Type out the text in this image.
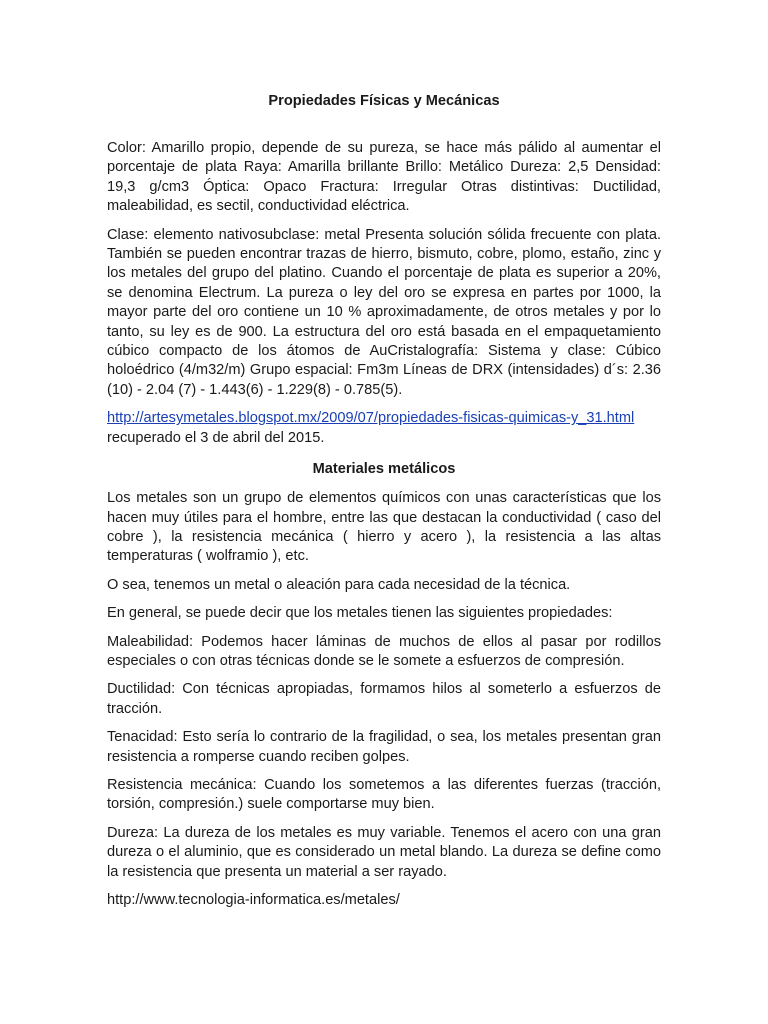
Propiedades Físicas y Mecánicas

Color: Amarillo propio, depende de su pureza, se hace más pálido al aumentar el porcentaje de plata Raya: Amarilla brillante Brillo: Metálico Dureza: 2,5 Densidad: 19,3 g/cm3 Óptica: Opaco Fractura: Irregular Otras distintivas: Ductilidad, maleabilidad, es sectil, conductividad eléctrica.

Clase: elemento nativosubclase: metal Presenta solución sólida frecuente con plata. También se pueden encontrar trazas de hierro, bismuto, cobre, plomo, estaño, zinc y los metales del grupo del platino. Cuando el porcentaje de plata es superior a 20%, se denomina Electrum. La pureza o ley del oro se expresa en partes por 1000, la mayor parte del oro contiene un 10 % aproximadamente, de otros metales y por lo tanto, su ley es de 900. La estructura del oro está basada en el empaquetamiento cúbico compacto de los átomos de AuCristalografía: Sistema y clase: Cúbico holoédrico (4/m32/m) Grupo espacial: Fm3m Líneas de DRX (intensidades) d´s: 2.36 (10) - 2.04 (7) - 1.443(6) - 1.229(8) - 0.785(5).

http://artesymetales.blogspot.mx/2009/07/propiedades-fisicas-quimicas-y_31.html
recuperado el 3 de abril del 2015.
Materiales metálicos

Los metales son un grupo de elementos químicos con unas características que los hacen muy útiles para el hombre, entre las que destacan la conductividad ( caso del cobre ), la resistencia mecánica ( hierro y acero ), la resistencia a las altas temperaturas ( wolframio ), etc.

O sea, tenemos un metal o aleación para cada necesidad de la técnica.

En general, se puede decir que los metales tienen las siguientes propiedades:

Maleabilidad: Podemos hacer láminas de muchos de ellos al pasar por rodillos especiales o con otras técnicas donde se le somete a esfuerzos de compresión.

Ductilidad: Con técnicas apropiadas, formamos hilos al someterlo a esfuerzos de tracción.

Tenacidad: Esto sería lo contrario de la fragilidad, o sea, los metales presentan gran resistencia a romperse cuando reciben golpes.

Resistencia mecánica: Cuando los sometemos a las diferentes fuerzas (tracción, torsión, compresión.) suele comportarse muy bien.

Dureza: La dureza de los metales es muy variable. Tenemos el acero con una gran dureza o el aluminio, que es considerado un metal blando. La dureza se define como la resistencia que presenta un material a ser rayado.

http://www.tecnologia-informatica.es/metales/
